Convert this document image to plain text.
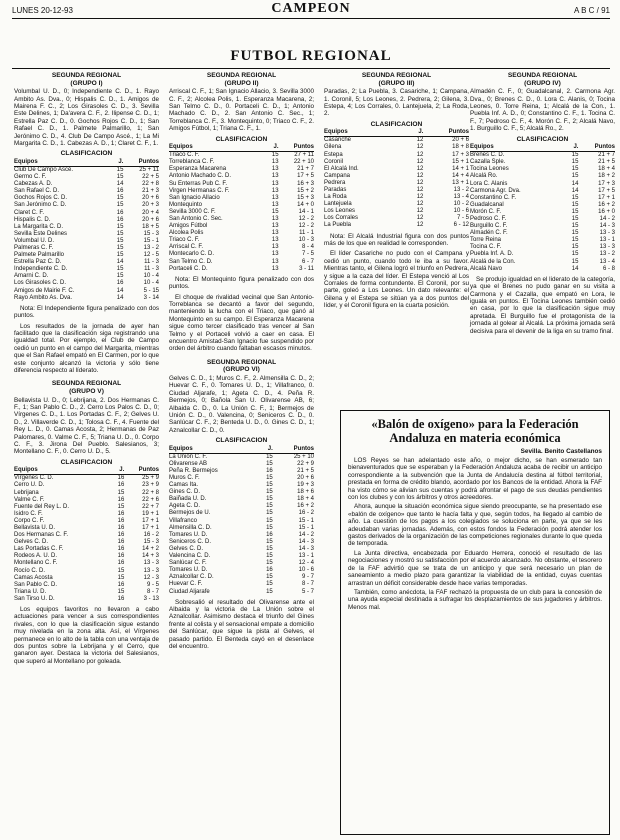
LUNES 20-12-93	CAMPEON	A B C / 91
FUTBOL REGIONAL
SEGUNDA REGIONAL
(GRUPO I)
Volumbal U. D., 0; Independiente C. D., 1. Rayo Ambito As. Dva., 0; Hispalis C. D., 1. Amigos de Mairena F. C., 2; Los Girasoles C. D., 3. Sevilla Este Delines, 1; Da'avera C. F., 2. Ilipense C. D., 1; Estrella Paz C. D., 0. Gochos Rojos C. D., 1; San Rafael C. D., 1. Palmete Palmarillo, 1; San Jerónimo C. D., 4. Club De Campo Ascé., 1; La Mi Margarita C. D., 1. Cabezas A. D., 1; Claret C. F., 1.
CLASIFICACION
Equipos	J.	Puntos
Club De Campo Ascé.	15	25 + 11
Germo C. F.	15	22 + 5
Cabezas A. D.	14	22 + 8
San Rafael C. D.	16	21 + 3
Gochos Rojos C. D.	15	20 + 6
San Jerónimo C. D.	15	20 + 3
Claret C. F.	16	20 + 4
Hispalis C. D.	16	20 + 6
La Margarita C. D.	15	18 + 5
Sevilla Este Delines	15	15 - 3
Volumbal U. D.	15	15 - 1
Palmeras C. F.	15	13 - 2
Palmete Palmarillo	15	12 - 5
Estrella Paz C. D.	14	11 - 3
Independiente C. D.	15	11 - 3
Amarni C. D.	15	10 - 4
Los Girasoles C. D.	16	10 - 4
Amigos de Mairie F. C.	14	5 - 15
Rayo Ambito As. Dva.	14	3 - 14
Nota: El Independiente figura penalizado con dos puntos.
Los resultados de la jornada de ayer han facilitado que la clasificación siga registrando una igualdad total. Por ejemplo, el Club de Campo cedió un punto en el campo del Margarita, mientras que el San Rafael empató en El Carmen, por lo que este conjunto alcanzó la victoria y sólo tiene diferencia respecto al líderato.
SEGUNDA REGIONAL
(GRUPO V)
Bellavista U. D., 0; Lebrijana, 2. Dos Hermanas C. F., 1; San Pablo C. D., 2. Cerro Los Palos C. D., 0; Vírgenes C. D., 1. Los Portadas C. F., 2; Gelves U. D., 2. Villaverde C. D., 1; Tolosa C. F., 4. Fuente del Rey L. D., 0. Camas Acosta, 2; Hermanas de Paz Palomares, 0. Valme C. F., 5; Triana U. D., 0. Corpo C. F., 3. Jirona Del Pueblo. Salesianos, 3; Montellano C. F., 0. Cerro U. D., 5.
CLASIFICACION
Equipos	J.	Puntos
Vírgenes C. D.	16	25 + 9
Cerro U. D.	16	23 + 9
Lebrijana	15	22 + 8
Valme C. F.	16	22 + 6
Fuente del Rey L. D.	15	22 + 7
Isidro C. F.	16	19 + 1
Corpo C. F.	16	17 + 1
Bellavista U. D.	16	17 + 1
Dos Hermanas C. F.	16	16 - 2
Gelves C. D.	16	15 - 3
Las Portadas C. F.	16	14 + 2
Rodeos A. U. D.	16	14 + 3
Montellano C. F.	16	13 - 3
Rocío C. D.	15	13 - 3
Camas Acosta	15	12 - 3
San Pablo C. D.	16	9 - 5
Triana U. D.	15	8 - 7
San Tirso U. D.	16	3 - 13
Los equipos favoritos no llevaron a cabo actuaciones para vencer a sus correspondientes rivales, con lo que la clasificación sigue estando muy nivelada en la zona alta. Así, el Vírgenes permanece en lo alto de la tabla con una ventaja de dos puntos sobre la Lebrijana y el Cerro, que ganaron ayer. Destaca la victoria del Salesianos, que superó al Montellano por goleada.
SEGUNDA REGIONAL
(GRUPO II)
Arriscal C. F., 1; San Ignacio Allacio, 3. Sevilla 3000 C. F., 2; Alcolea Polis, 1. Esperanza Macarena, 2; San Telmo C. D., 0. Portaceli C. D., 1; Antonio Machado C. D., 2. San Antonio C. Sec., 1; Torreblanca C. F., 3. Montequinto, 0; Triaco C. F., 2. Amigos Fútbol, 1; Triana C. F., 1.
CLASIFICACION
Equipos	J.	Puntos
Triaco C. F.	15	27 + 11
Torreblanca C. F.	13	22 + 10
Esperanza Macarena	13	21 + 7
Antonio Machado C. D.	13	17 + 5
Su Enterras Pub C. F.	13	16 + 3
Virgen Hermanas C. F.	13	15 + 2
San Ignacio Allacio	13	15 + 3
Montequinto	13	14 + 0
Sevilla 3000 C. F.	15	14 - 1
San Antonio C. Sec.	13	12 - 2
Amigos Fútbol	13	12 - 2
Alcolea Polis	13	11 - 1
Triaco C. F.	13	10 - 3
Arriscal C. F.	13	8 - 4
Montecarlo C. D.	13	7 - 5
San Telmo C. D.	13	6 - 7
Portaceli C. D.	13	3 - 11
Nota: El Montequinto figura penalizado con dos puntos.
El choque de rivalidad vecinal que San Antonio-Torreblanca se decantó a favor del segundo, manteniendo la lucha con el Triaco, que ganó al Montequinto en su campo. El Esperanza Macarena sigue como tercer clasificado tras vencer al San Telmo y el Portaceli volvió a caer en casa. El encuentro Amistad-San Ignacio fue suspendido por orden del árbitro cuando faltaban escasos minutos.
SEGUNDA REGIONAL
(GRUPO VI)
Gelves C. D., 1; Muros C. F., 2. Almensilla C. D., 2; Huevar C. F., 0. Tomares U. D., 1; Villafranco, 0. Ciudad Aljarafe, 1; Ageta C. D., 4. Peña R. Bermejos, 0; Bañola San U. Olivarense AB, 6; Albaida C. D., 0. La Unión C. F., 1; Bermejos de Unión C. D., 0. Valencina, 0; Seniceros C. D., 0. Sanlúcar C. F., 2; Benteda U. D., 0. Gines C. D., 1; Aznalcollar C. D., 0.
CLASIFICACION
Equipos	J.	Puntos
La Unión C. F.	15	25 + 10
Olivarense AB	15	22 + 9
Peña R. Bermejos	16	21 + 5
Muros C. F.	15	20 + 6
Camas Ita.	15	19 + 3
Gines C. D.	15	18 + 6
Baiñada U. D.	15	18 + 4
Ageta C. D.	15	16 + 2
Bermejos de U.	15	16 - 2
Villafranco	15	15 - 1
Almensilla C. D.	15	15 - 1
Tomares U. D.	16	14 - 2
Seniceros C. D.	15	14 - 3
Gelves C. D.	15	14 - 3
Valencina C. D.	15	13 - 1
Sanlúcar C. F.	15	12 - 4
Tomares U. D.	16	10 - 6
Aznalcollar C. D.	15	9 - 7
Huevar C. F.	15	8 - 7
Ciudad Aljarafe	15	5 - 7
Sobresalió el resultado del Olivarense ante el Albaida y la victoria de La Unión sobre el Aznalcollar. Asimismo destaca el triunfo del Gines frente al colista y el sensacional empate a domicilio del Sanlúcar, que sigue la pista al Gelves, el pasado partido. El Benteda cayó en el desenlace del encuentro.
SEGUNDA REGIONAL
(GRUPO III)
Paradas, 2; La Puebla, 3. Casariche, 1; Campana, 1. Coronil, 5; Los Leones, 2. Pedrera, 2; Gilena, 3. Estepa, 4; Los Corrales, 0. Lantejuela, 2; La Roda, 2.
CLASIFICACION
Equipos	J.	Puntos
Casariche	12	20 + 6
Gilena	12	18 + 8
Estepa	12	17 + 3
Coronil	12	15 + 1
El Alcalá Ind.	12	14 + 1
Campana	12	14 + 4
Pedrera	12	13 + 1
Paradas	12	13 - 2
La Roda	12	13 - 4
Lantejuela	12	10 - 2
Los Leones	12	10 - 6
Los Corrales	12	7 - 5
La Puebla	12	6 - 12
Nota: El Alcalá Industrial figura con dos puntos más de los que en realidad le corresponden.
El líder Casariche no pudo con el Campana y cedió un punto, cuando todo le iba a su favor. Mientras tanto, el Gilena logró el triunfo en Pedrera, y sigue a la caza del líder. El Estepa venció al Los Corrales de forma contundente. El Coronil, por su parte, goleó a Los Leones. Un dato relevante: el Gilena y el Estepa se sitúan ya a dos puntos del líder, y el Coronil figura en la cuarta posición.
SEGUNDA REGIONAL
(GRUPO IV)
Almadén C. F., 0; Guadalcanal, 2. Carmona Agr. Dva., 0; Brenes C. D., 0. Lora C. Alanis, 0; Tocina Leones, 0. Torre Reina, 1; Alcalá de la Con., 1. Puebla Inf. A. D., 0; Constantino C. F., 1. Tocina C. F., 7; Pedroso C. F., 4. Morón C. F., 2; Alcalá Navo, 1. Burguillo C. F., 5; Alcalá Ro., 2.
CLASIFICACION
Equipos	J.	Puntos
Brenes C. D.	15	21 + 7
Cazalla Sple.	15	21 + 5
Tocina Leones	15	18 + 4
Alcalá Ro.	15	18 + 2
Lora C. Alanis	14	17 + 3
Carmona Agr. Dva.	14	17 + 5
Constantino C. F.	15	17 + 1
Guadalcanal	15	16 + 2
Morón C. F.	15	16 + 0
Pedroso C. F.	15	14 - 2
Burguillo C. F.	15	14 - 3
Almadén C. F.	15	13 - 3
Torre Reina	15	13 - 1
Tocina C. F.	15	13 - 3
Puebla Inf. A. D.	15	13 - 2
Alcalá de la Con.	15	13 - 4
Alcalá Navo	14	6 - 8
Se produjo igualdad en el liderato de la categoría, ya que el Brenes no pudo ganar en su visita a Carmona y el Cazalla, que empató en Lora, le iguala en puntos. El Tocina Leones también cedió en casa, por lo que la clasificación sigue muy apretada. El Burguillo fue el protagonista de la jornada al golear al Alcalá. La próxima jornada será decisiva para el devenir de la liga en su tramo final.
«Balón de oxígeno» para la Federación Andaluza en materia económica
Sevilla. Benito Castellanos

LOS Reyes se han adelantado este año, o mejor dicho, se han esmerado tan bienaventurados que se esperaban y la Federación Andaluza acaba de recibir un anticipo correspondiente a la subvención que la Junta de Andalucía destina al fútbol territorial, prestada en forma de crédito blando, acordado por los Bancos de la entidad. Ahora la FAF ha visto cómo se alivian sus cuentas y podrá afrontar el pago de sus deudas pendientes con los clubes y con los árbitros y otros acreedores.

Ahora, aunque la situación económica sigue siendo preocupante, se ha presentado ese «balón de oxígeno» que tanto le hacía falta y que, según todos, ha llegado al cambio de año. La cuestión de los pagos a los colegiados se soluciona en parte, ya que se les adeudaban varias jornadas. Además, con estos fondos la Federación podrá atender los gastos derivados de la organización de las competiciones regionales durante lo que queda de temporada.

La Junta directiva, encabezada por Eduardo Herrera, conoció el resultado de las negociaciones y mostró su satisfacción por el acuerdo alcanzado. No obstante, el tesorero de la FAF advirtió que se trata de un anticipo y que será necesario un plan de saneamiento a medio plazo para garantizar la viabilidad de la entidad, cuyas cuentas arrastran un déficit considerable desde hace varias temporadas.

También, como anécdota, la FAF rechazó la propuesta de un club para la concesión de una ayuda especial destinada a sufragar los desplazamientos de sus jugadores y árbitros. Menos mal.
